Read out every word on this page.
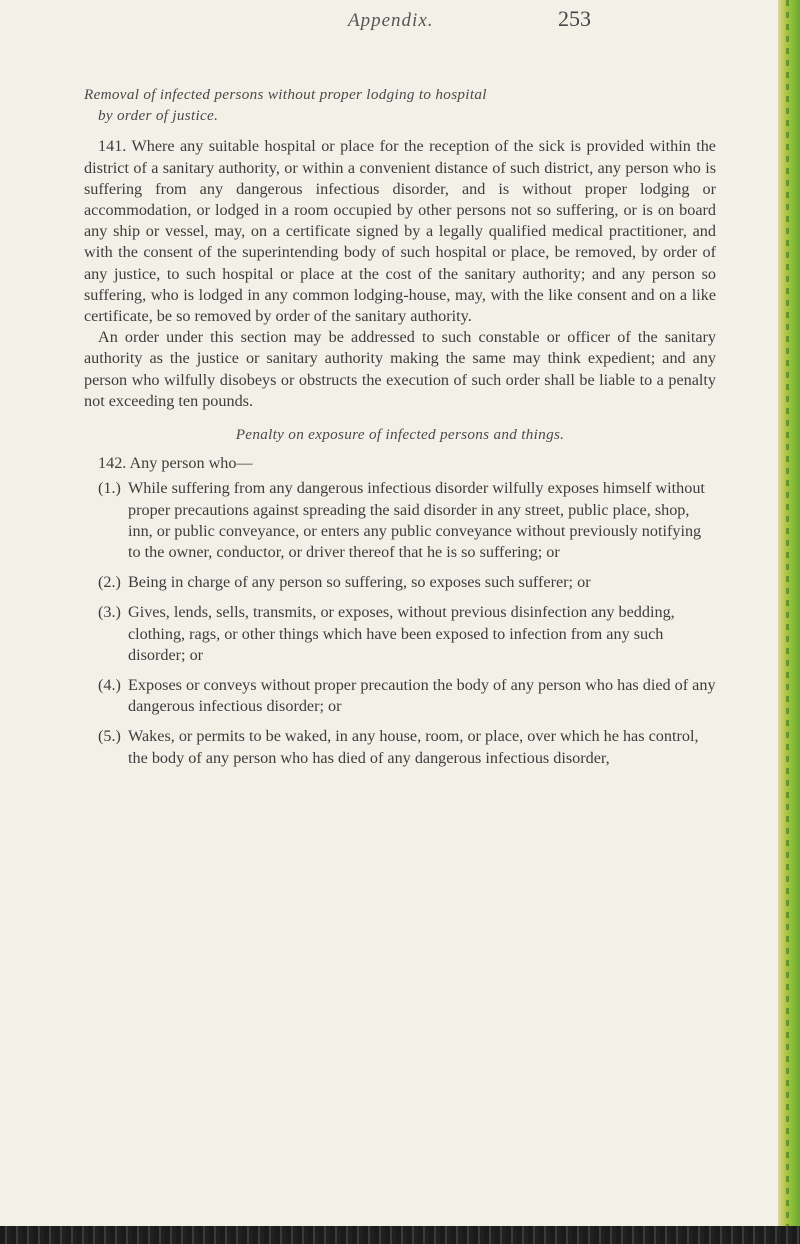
Appendix.	253

Removal of infected persons without proper lodging to hospital

by order of justice.

141. Where any suitable hospital or place for the reception of the sick is provided within the district of a sanitary authority, or within a convenient distance of such district, any person who is suffering from any dangerous infectious disorder, and is without proper lodging or accommodation, or lodged in a room occupied by other persons not so suffering, or is on board any ship or vessel, may, on a certificate signed by a legally qualified medical practitioner, and with the consent of the superintending body of such hospital or place, be removed, by order of any justice, to such hospital or place at the cost of the sanitary authority; and any person so suffering, who is lodged in any common lodging-house, may, with the like consent and on a like certificate, be so removed by order of the sanitary authority.

An order under this section may be addressed to such constable or officer of the sanitary authority as the justice or sanitary authority making the same may think expedient; and any person who wilfully disobeys or obstructs the execution of such order shall be liable to a penalty not exceeding ten pounds.

Penalty on exposure of infected persons and things.

142. Any person who—

(1.) While suffering from any dangerous infectious disorder wilfully exposes himself without proper precautions against spreading the said disorder in any street, public place, shop, inn, or public conveyance, or enters any public conveyance without previously notifying to the owner, conductor, or driver thereof that he is so suffering; or
(2.) Being in charge of any person so suffering, so exposes such sufferer; or
(3.) Gives, lends, sells, transmits, or exposes, without previous disinfection any bedding, clothing, rags, or other things which have been exposed to infection from any such disorder; or
(4.) Exposes or conveys without proper precaution the body of any person who has died of any dangerous infectious disorder; or
(5.) Wakes, or permits to be waked, in any house, room, or place, over which he has control, the body of any person who has died of any dangerous infectious disorder,
